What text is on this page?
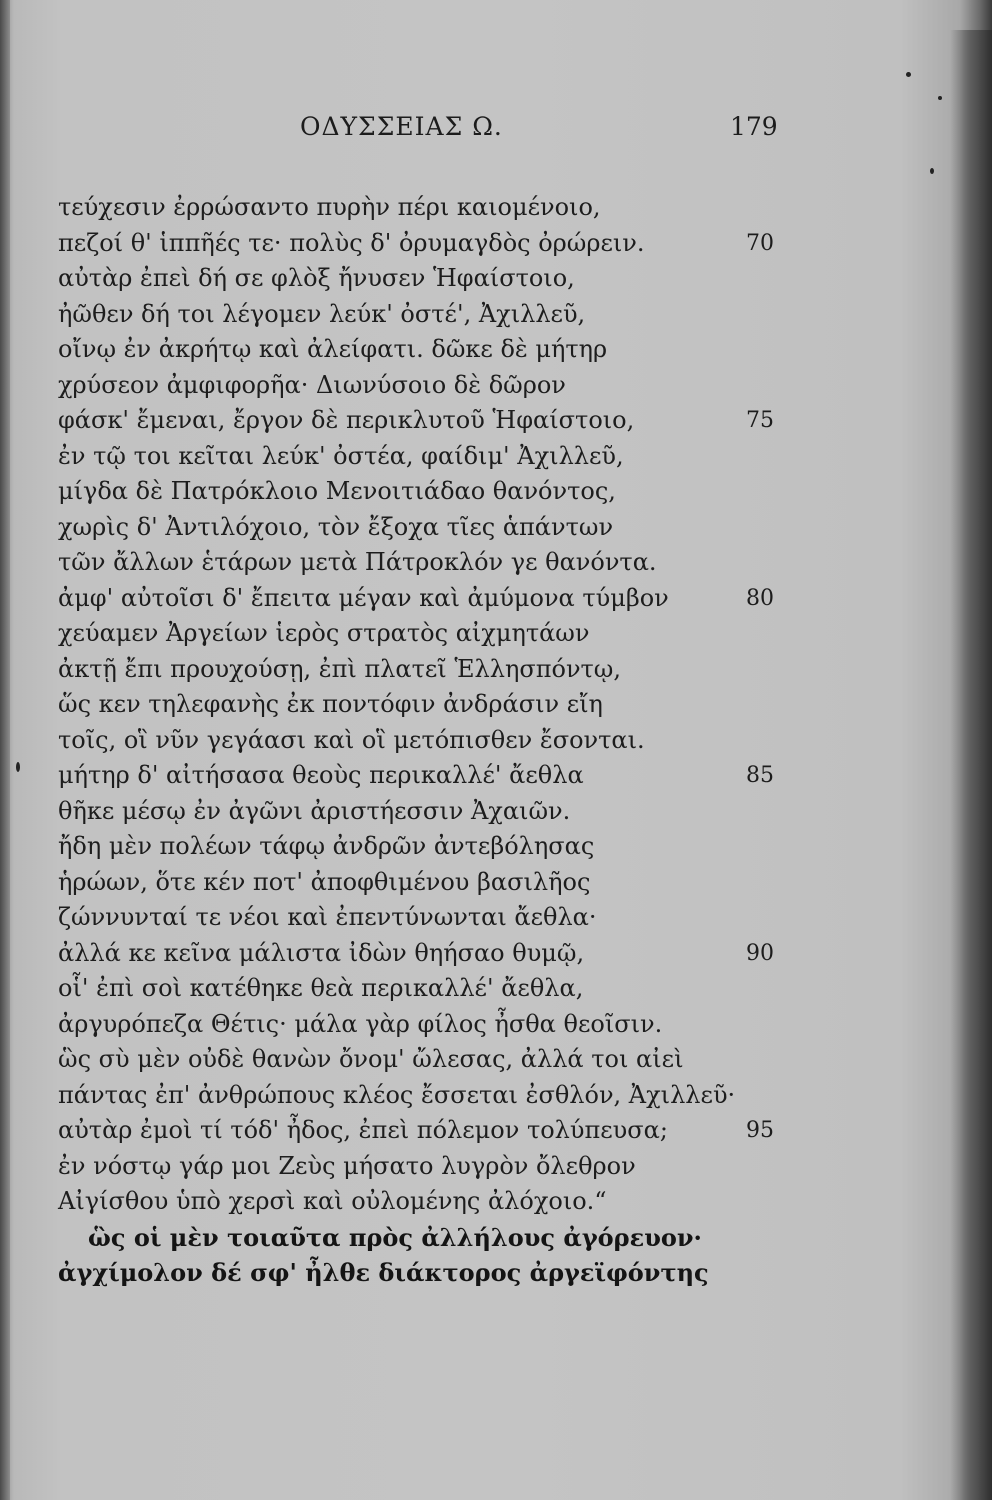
ΟΔΥΣΣΕΙΑΣ Ω.	179
τεύχεσιν ἐρρώσαντο πυρὴν πέρι καιομένοιο,
πεζοί θ' ἱππῆές τε· πολὺς δ' ὀρυμαγδὸς ὀρώρειν.	70
αὐτὰρ ἐπεὶ δή σε φλὸξ ἤνυσεν Ἡφαίστοιο,
ἠῶθεν δή τοι λέγομεν λεύκ' ὀστέ', Ἀχιλλεῦ,
οἴνῳ ἐν ἀκρήτῳ καὶ ἀλείφατι. δῶκε δὲ μήτηρ
χρύσεον ἀμφιφορῆα· Διωνύσοιο δὲ δῶρον
φάσκ' ἔμεναι, ἔργον δὲ περικλυτοῦ Ἡφαίστοιο,	75
ἐν τῷ τοι κεῖται λεύκ' ὀστέα, φαίδιμ' Ἀχιλλεῦ,
μίγδα δὲ Πατρόκλοιο Μενοιτιάδαο θανόντος,
χωρὶς δ' Ἀντιλόχοιο, τὸν ἔξοχα τῖες ἁπάντων
τῶν ἄλλων ἑτάρων μετὰ Πάτροκλόν γε θανόντα.
ἀμφ' αὐτοῖσι δ' ἔπειτα μέγαν καὶ ἀμύμονα τύμβον	80
χεύαμεν Ἀργείων ἱερὸς στρατὸς αἰχμητάων
ἀκτῇ ἔπι προυχούσῃ, ἐπὶ πλατεῖ Ἑλλησπόντῳ,
ὥς κεν τηλεφανὴς ἐκ ποντόφιν ἀνδράσιν εἴη
τοῖς, οἳ νῦν γεγάασι καὶ οἳ μετόπισθεν ἔσονται.
μήτηρ δ' αἰτήσασα θεοὺς περικαλλέ' ἄεθλα	85
θῆκε μέσῳ ἐν ἀγῶνι ἀριστήεσσιν Ἀχαιῶν.
ἤδη μὲν πολέων τάφῳ ἀνδρῶν ἀντεβόλησας
ἡρώων, ὅτε κέν ποτ' ἀποφθιμένου βασιλῆος
ζώννυνταί τε νέοι καὶ ἐπεντύνωνται ἄεθλα·
ἀλλά κε κεῖνα μάλιστα ἰδὼν θηήσαο θυμῷ,	90
οἷ' ἐπὶ σοὶ κατέθηκε θεὰ περικαλλέ' ἄεθλα,
ἀργυρόπεζα Θέτις· μάλα γὰρ φίλος ἦσθα θεοῖσιν.
ὣς σὺ μὲν οὐδὲ θανὼν ὄνομ' ὤλεσας, ἀλλά τοι αἰεὶ
πάντας ἐπ' ἀνθρώπους κλέος ἔσσεται ἐσθλόν, Ἀχιλλεῦ·
αὐτὰρ ἐμοὶ τί τόδ' ἦδος, ἐπεὶ πόλεμον τολύπευσα;	95
ἐν νόστῳ γάρ μοι Ζεὺς μήσατο λυγρὸν ὄλεθρον
Αἰγίσθου ὑπὸ χερσὶ καὶ οὐλομένης ἀλόχοιο.“
ὣς οἱ μὲν τοιαῦτα πρὸς ἀλλήλους ἀγόρευον·
ἀγχίμολον δέ σφ' ἦλθε διάκτορος ἀργεϊφόντης
